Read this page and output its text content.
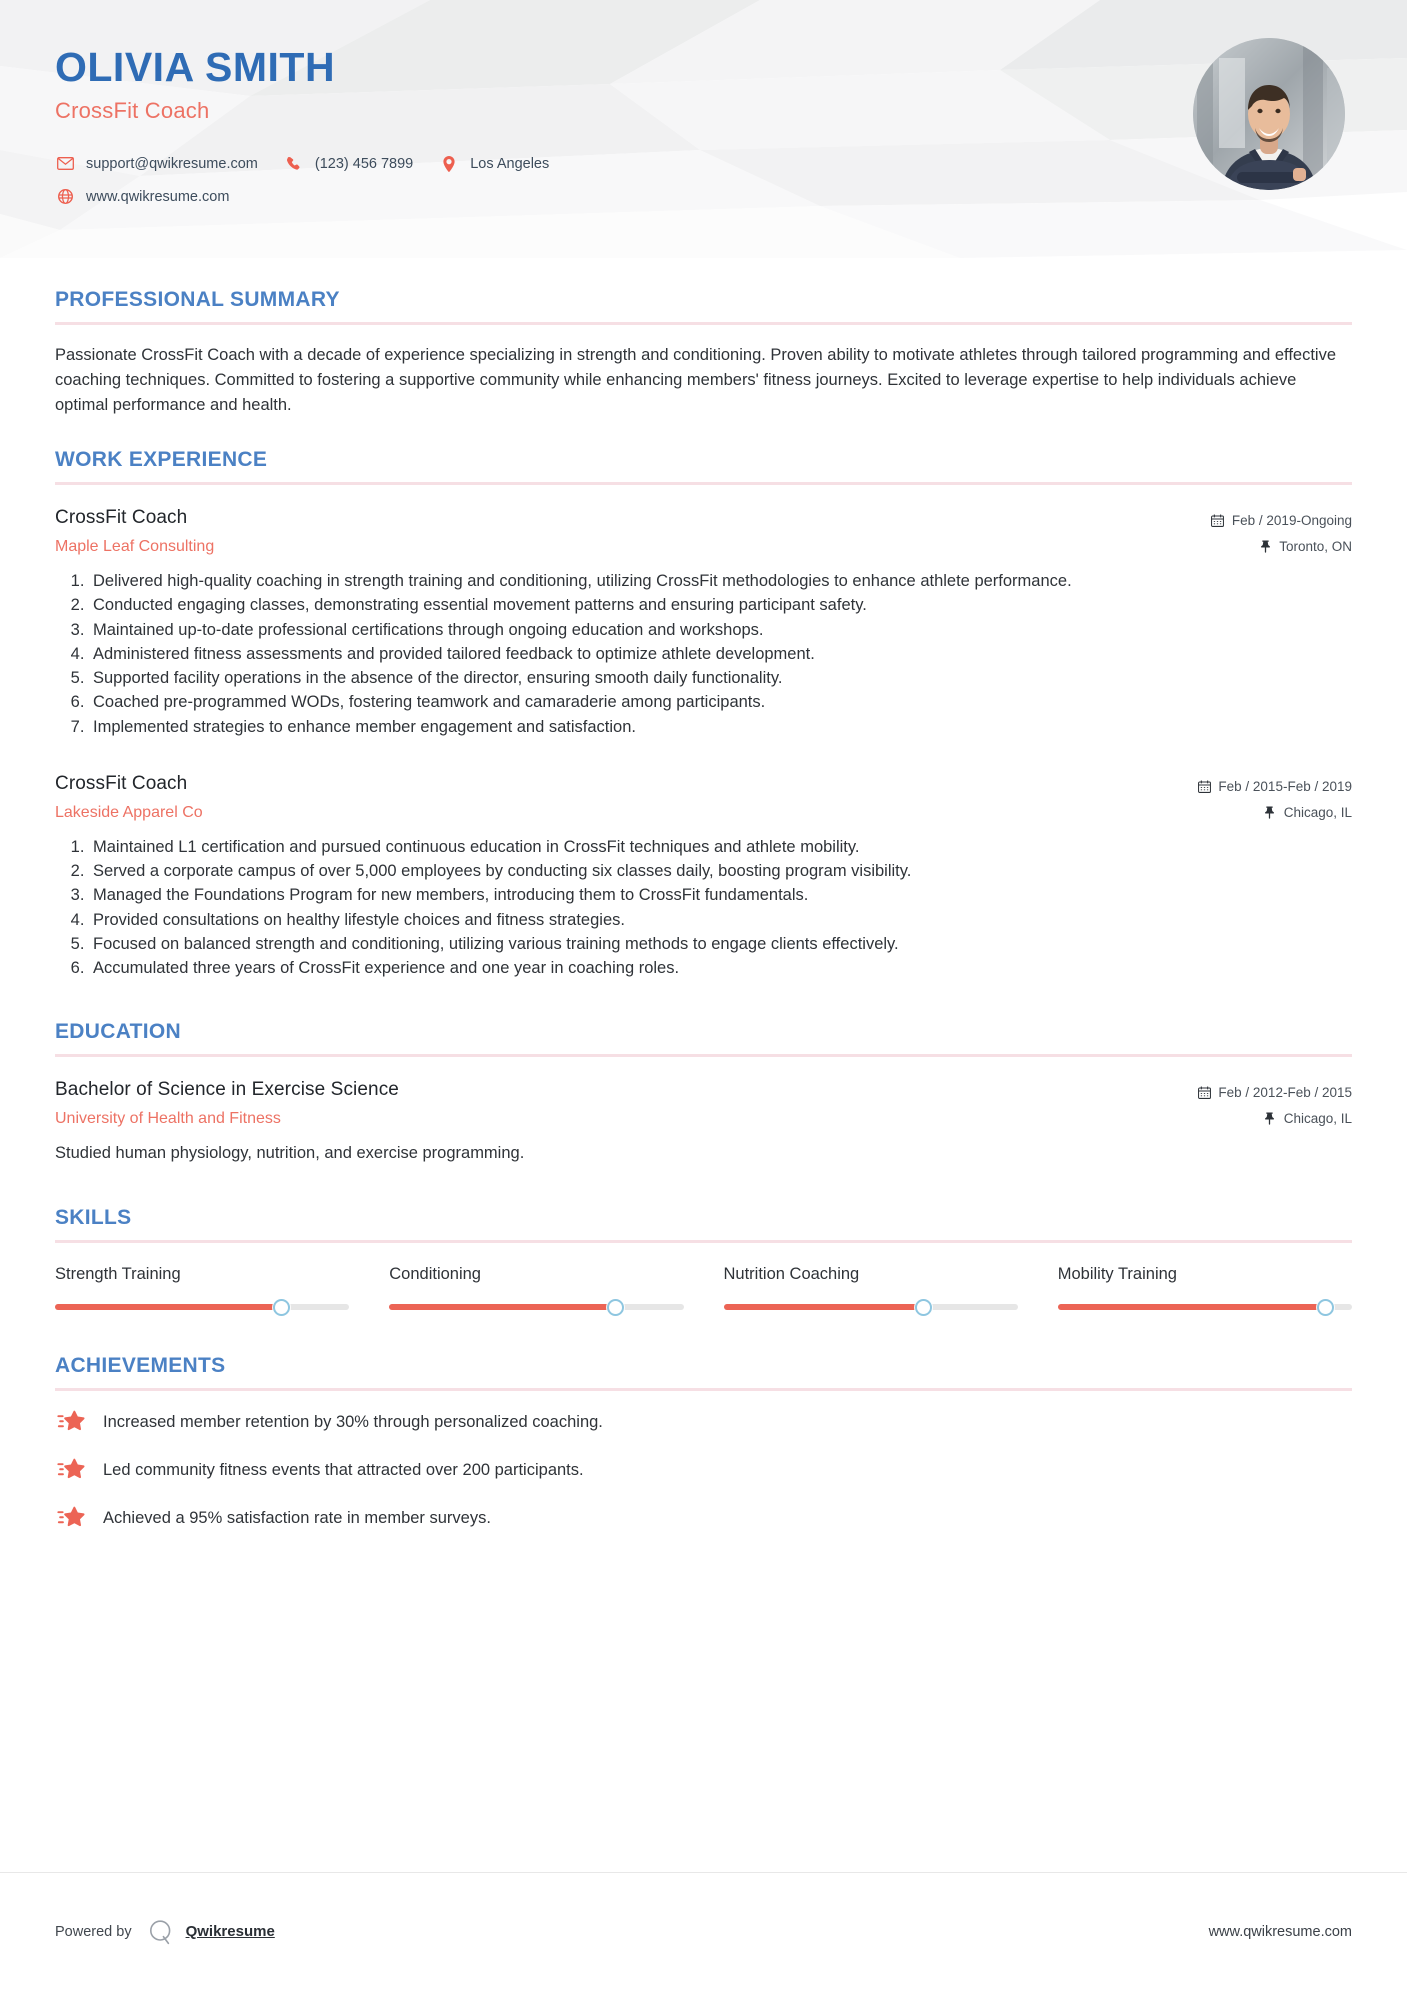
OLIVIA SMITH
CrossFit Coach
support@qwikresume.com	(123) 456 7899	Los Angeles
www.qwikresume.com
PROFESSIONAL SUMMARY

Passionate CrossFit Coach with a decade of experience specializing in strength and conditioning. Proven ability to motivate athletes through tailored programming and effective coaching techniques. Committed to fostering a supportive community while enhancing members' fitness journeys. Excited to leverage expertise to help individuals achieve optimal performance and health.

WORK EXPERIENCE
CrossFit Coach
Maple Leaf Consulting
Feb / 2019-Ongoing
Toronto, ON
1. Delivered high-quality coaching in strength training and conditioning, utilizing CrossFit methodologies to enhance athlete performance.
2. Conducted engaging classes, demonstrating essential movement patterns and ensuring participant safety.
3. Maintained up-to-date professional certifications through ongoing education and workshops.
4. Administered fitness assessments and provided tailored feedback to optimize athlete development.
5. Supported facility operations in the absence of the director, ensuring smooth daily functionality.
6. Coached pre-programmed WODs, fostering teamwork and camaraderie among participants.
7. Implemented strategies to enhance member engagement and satisfaction.
CrossFit Coach
Lakeside Apparel Co
Feb / 2015-Feb / 2019
Chicago, IL
1. Maintained L1 certification and pursued continuous education in CrossFit techniques and athlete mobility.
2. Served a corporate campus of over 5,000 employees by conducting six classes daily, boosting program visibility.
3. Managed the Foundations Program for new members, introducing them to CrossFit fundamentals.
4. Provided consultations on healthy lifestyle choices and fitness strategies.
5. Focused on balanced strength and conditioning, utilizing various training methods to engage clients effectively.
6. Accumulated three years of CrossFit experience and one year in coaching roles.
EDUCATION
Bachelor of Science in Exercise Science
University of Health and Fitness
Feb / 2012-Feb / 2015
Chicago, IL
Studied human physiology, nutrition, and exercise programming.
SKILLS
Strength Training	Conditioning	Nutrition Coaching	Mobility Training
ACHIEVEMENTS
Increased member retention by 30% through personalized coaching.
Led community fitness events that attracted over 200 participants.
Achieved a 95% satisfaction rate in member surveys.
Powered by	Qwikresume	www.qwikresume.com
